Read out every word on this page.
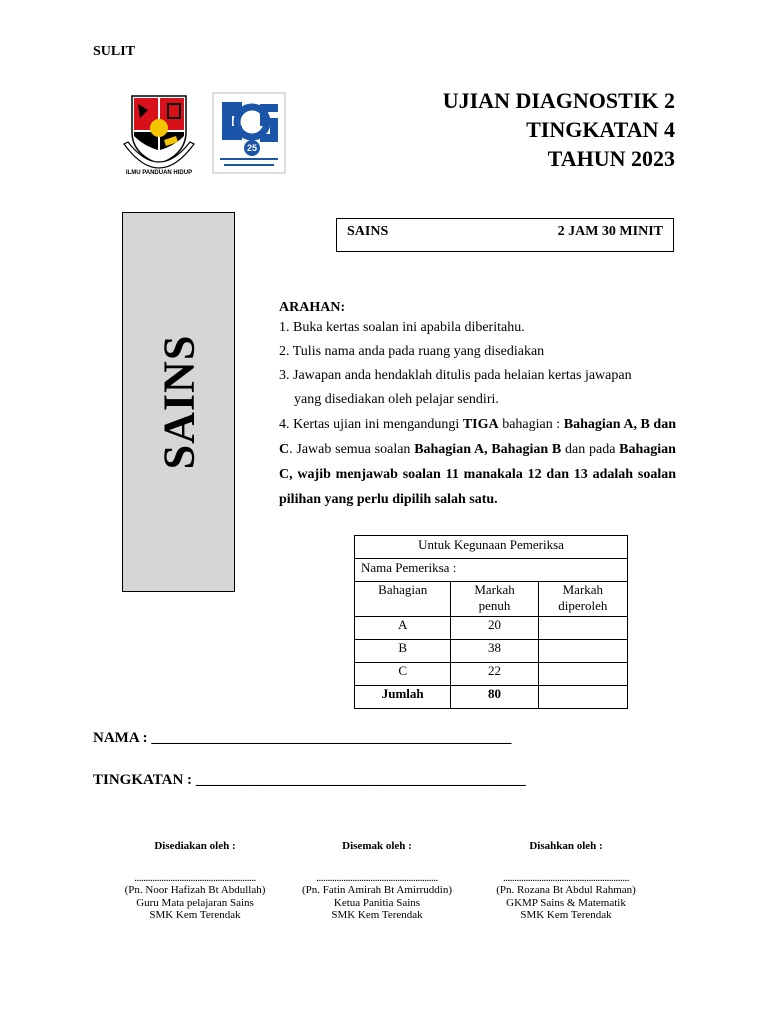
SULIT
ILMU PANDUAN HIDUP
25
UJIAN DIAGNOSTIK 2
TINGKATAN 4
TAHUN 2023
SAINS
SAINS	2 JAM 30 MINIT
ARAHAN:
1. Buka kertas soalan ini apabila diberitahu.
2. Tulis nama anda pada ruang yang disediakan
3. Jawapan anda hendaklah ditulis pada helaian kertas jawapan
yang disediakan oleh pelajar sendiri.
4. Kertas ujian ini mengandungi TIGA bahagian : Bahagian A, B dan C. Jawab semua soalan Bahagian A, Bahagian B dan pada Bahagian C, wajib menjawab soalan 11 manakala 12 dan 13 adalah soalan pilihan yang perlu dipilih salah satu.
Untuk Kegunaan Pemeriksa		
Nama Pemeriksa :		
Bahagian	Markah penuh	Markah diperoleh
A	20	
B	38	
C	22	
Jumlah	80	
NAMA : ________________________________________________
TINGKATAN : ____________________________________________
Disediakan oleh :
......................................................
(Pn. Noor Hafizah Bt Abdullah)
Guru Mata pelajaran Sains
SMK Kem Terendak
Disemak oleh :
......................................................
(Pn. Fatin Amirah Bt Amirruddin)
Ketua Panitia Sains
SMK Kem Terendak
Disahkan oleh :
........................................................
(Pn. Rozana Bt Abdul Rahman)
GKMP Sains & Matematik
SMK Kem Terendak
